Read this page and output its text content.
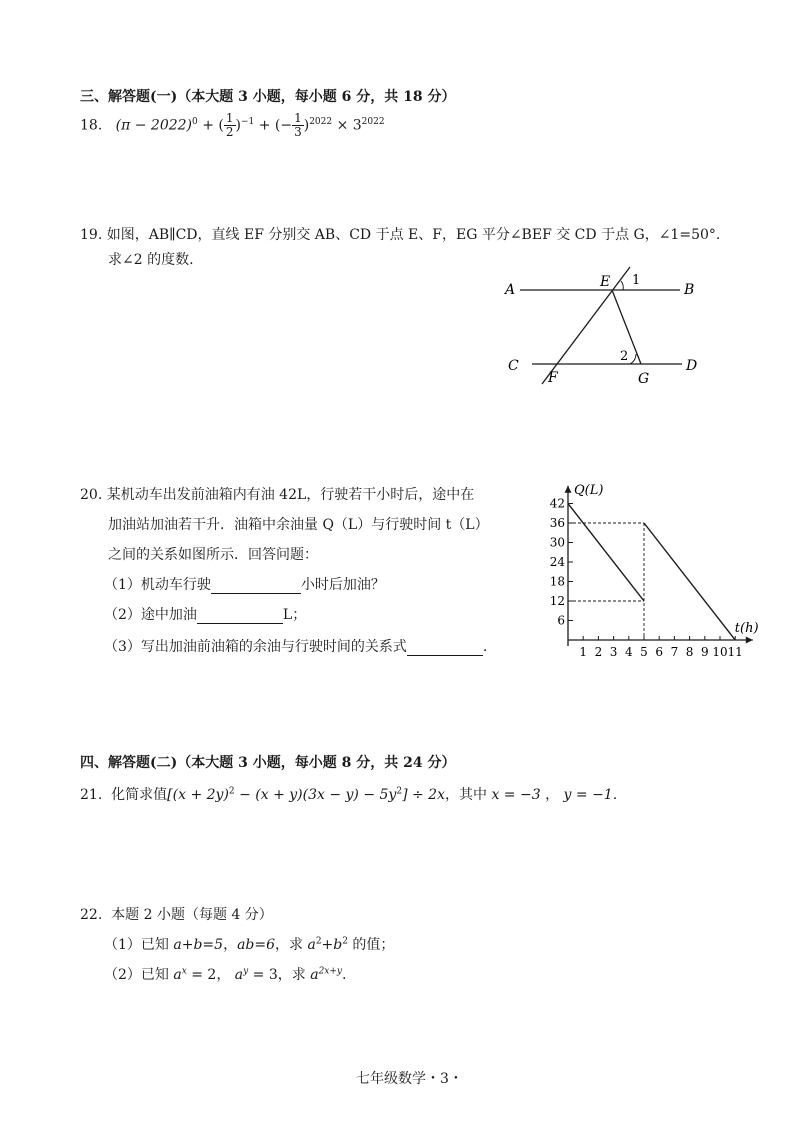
三、解答题(一)（本大题 3 小题，每小题 6 分，共 18 分）
18. $(\pi - 2022)^0$ + ( $\frac{1}{2} )^{-1}$ + (− $\frac{1}{3} )^{2022} \times 3^{2022}$
19. 如图，AB∥CD，直线 EF 分别交 AB、CD 于点 E、F，EG 平分∠BEF 交 CD 于点 G，∠1=50°.
求∠2 的度数.
A	B
C	D
E
F	G
1
2
20. 某机动车出发前油箱内有油 42L，行驶若干小时后，途中在
加油站加油若干升．油箱中余油量 Q（L）与行驶时间 t（L）
之间的关系如图所示．回答问题：
（1）机动车行驶	小时后加油？
（2）途中加油	L；
（3）写出加油前油箱的余油与行驶时间的关系式	.	1 2 3 4 5 6 7 8 9 10 11
6
12
18
24
30
36
42
Q(L)
t(h)
四、解答题(二)（本大题 3 小题，每小题 8 分，共 24 分）
21. 化简求值$[(x + 2y)^2 - (x + y)(3x - y) - 5y^2] \div 2x$，其中 x = −3 ， y = −1.
22. 本题 2 小题（每题 4 分）
（1）已知 a+b=5，ab=6，求 $a^2+b^2$ 的值；
（2）已知 $a^x = 2$， $a^y = 3$，求 $a^{2x+y}$.
七年级数学・3・
